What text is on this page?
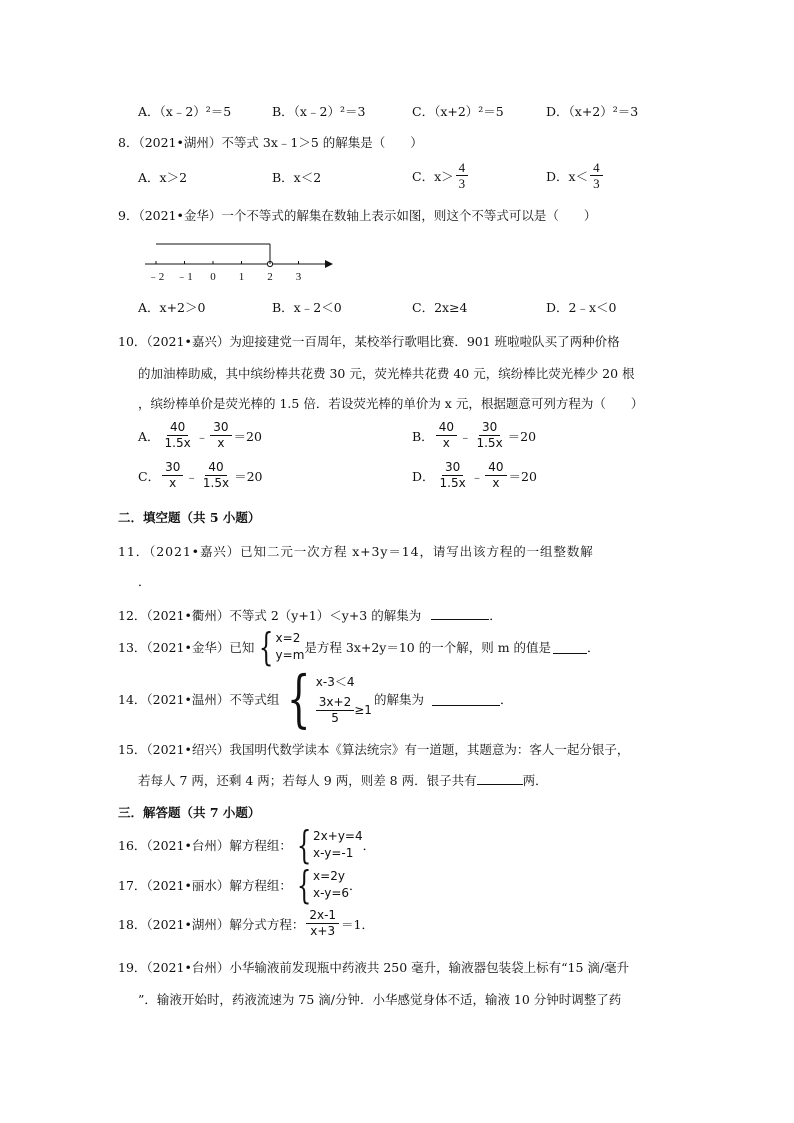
A．（x﹣2）²＝5	B．（x﹣2）²＝3	C．（x+2）²＝5	D．（x+2）²＝3
8．（2021•湖州）不等式 3x﹣1＞5 的解集是（　　）
A．x＞2	B．x＜2	C．$x> \frac{4}{3}$	D．$x< \frac{4}{3}$
9．（2021•金华）一个不等式的解集在数轴上表示如图，则这个不等式可以是（　　）
﹣2 ﹣1 0 1 2 3
A．x+2＞0	B．x﹣2＜0	C．2x≥4	D．2﹣x＜0
10．（2021•嘉兴）为迎接建党一百周年，某校举行歌唱比赛．901 班啦啦队买了两种价格
的加油棒助威，其中缤纷棒共花费 30 元，荧光棒共花费 40 元，缤纷棒比荧光棒少 20 根
，缤纷棒单价是荧光棒的 1.5 倍．若设荧光棒的单价为 x 元，根据题意可列方程为（　　）
A． $\frac{40}{1.5x}$ ﹣ $\frac{30}{x} =20$	B． $\frac{40}{x}$ ﹣ $\frac{30}{1.5x} =20$
C． $\frac{30}{x}$ ﹣ $\frac{40}{1.5x} =20$	D． $\frac{30}{1.5x}$ ﹣ $\frac{40}{x} =20$
二．填空题（共 5 小题）
11．（2021•嘉兴）已知二元一次方程 x+3y＝14，请写出该方程的一组整数解
．
12．（2021•衢州）不等式 2（y+1）＜y+3 的解集为	．
13．（2021•金华）已知 { x=2
y=m 是方程 3x+2y＝10 的一个解，则 m 的值是	．
14．（2021•温州）不等式组 { x-3＜4
$\frac{3x+2}{5} \ge 1$
的解集为	．
15．（2021•绍兴）我国明代数学读本《算法统宗》有一道题，其题意为：客人一起分银子，
若每人 7 两，还剩 4 两；若每人 9 两，则差 8 两．银子共有	两．
三．解答题（共 7 小题）
16．（2021•台州）解方程组： { 2x+y=4
x-y=-1 ．
17．（2021•丽水）解方程组： { x=2y
x-y=6 ．
18．（2021•湖州）解分式方程： $\frac{2x-1}{x+3} =1$．
19．（2021•台州）小华输液前发现瓶中药液共 250 毫升，输液器包装袋上标有“15 滴/毫升
”．输液开始时，药液流速为 75 滴/分钟．小华感觉身体不适，输液 10 分钟时调整了药
